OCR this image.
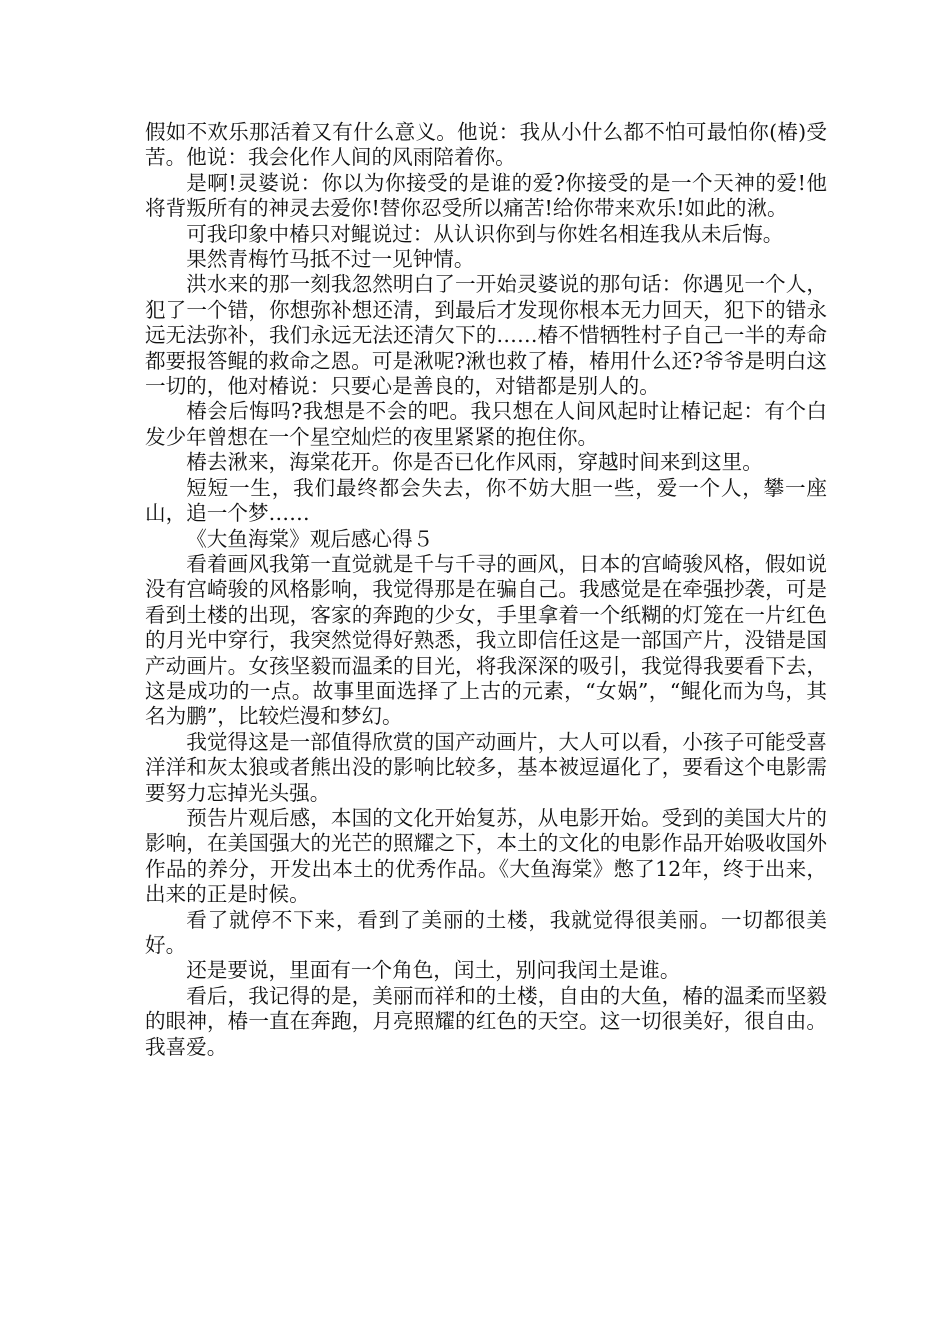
假如不欢乐那活着又有什么意义。他说：我从小什么都不怕可最怕你(椿)受苦。他说：我会化作人间的风雨陪着你。

是啊!灵婆说：你以为你接受的是谁的爱?你接受的是一个天神的爱!他将背叛所有的神灵去爱你!替你忍受所以痛苦!给你带来欢乐!如此的湫。

可我印象中椿只对鲲说过：从认识你到与你姓名相连我从未后悔。

果然青梅竹马抵不过一见钟情。

洪水来的那一刻我忽然明白了一开始灵婆说的那句话：你遇见一个人，犯了一个错，你想弥补想还清，到最后才发现你根本无力回天，犯下的错永远无法弥补，我们永远无法还清欠下的……椿不惜牺牲村子自己一半的寿命都要报答鲲的救命之恩。可是湫呢?湫也救了椿，椿用什么还?爷爷是明白这一切的，他对椿说：只要心是善良的，对错都是别人的。

椿会后悔吗?我想是不会的吧。我只想在人间风起时让椿记起：有个白发少年曾想在一个星空灿烂的夜里紧紧的抱住你。

椿去湫来，海棠花开。你是否已化作风雨，穿越时间来到这里。

短短一生，我们最终都会失去，你不妨大胆一些，爱一个人，攀一座山，追一个梦……

《大鱼海棠》观后感心得５

看着画风我第一直觉就是千与千寻的画风，日本的宫崎骏风格，假如说没有宫崎骏的风格影响，我觉得那是在骗自己。我感觉是在牵强抄袭，可是看到土楼的出现，客家的奔跑的少女，手里拿着一个纸糊的灯笼在一片红色的月光中穿行，我突然觉得好熟悉，我立即信任这是一部国产片，没错是国产动画片。女孩坚毅而温柔的目光，将我深深的吸引，我觉得我要看下去，这是成功的一点。故事里面选择了上古的元素，“女娲”，“鲲化而为鸟，其名为鹏”，比较烂漫和梦幻。

我觉得这是一部值得欣赏的国产动画片，大人可以看，小孩子可能受喜洋洋和灰太狼或者熊出没的影响比较多，基本被逗逼化了，要看这个电影需要努力忘掉光头强。

预告片观后感，本国的文化开始复苏，从电影开始。受到的美国大片的影响，在美国强大的光芒的照耀之下，本土的文化的电影作品开始吸收国外作品的养分，开发出本土的优秀作品。《大鱼海棠》憋了12年，终于出来，出来的正是时候。

看了就停不下来，看到了美丽的土楼，我就觉得很美丽。一切都很美好。

还是要说，里面有一个角色，闰土，别问我闰土是谁。

看后，我记得的是，美丽而祥和的土楼，自由的大鱼，椿的温柔而坚毅的眼神，椿一直在奔跑，月亮照耀的红色的天空。这一切很美好，很自由。我喜爱。
